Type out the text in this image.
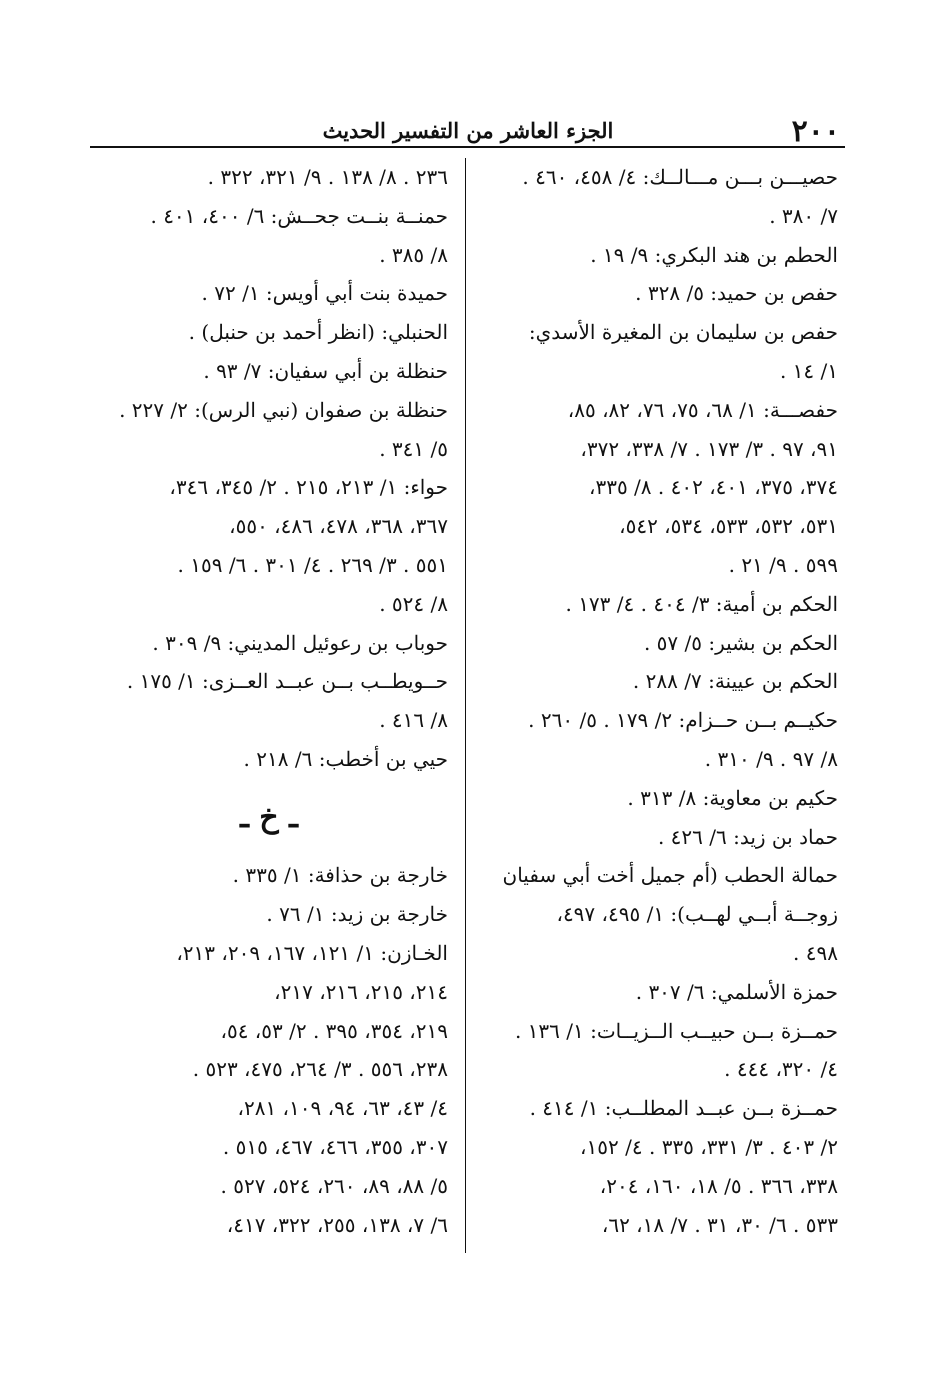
٢٠٠
الجزء العاشر من التفسير الحديث
حصيـــن بـــن مـــالــك: ٤/ ٤٥٨، ٤٦٠ .
٧/ ٣٨٠ .
الحطم بن هند البكري: ٩/ ١٩ .
حفص بن حميد: ٥/ ٣٢٨ .
حفص بن سليمان بن المغيرة الأسدي:
١/ ١٤ .
حفصـــة: ١/ ٦٨، ٧٥، ٧٦، ٨٢، ٨٥،
٩١، ٩٧ . ٣/ ١٧٣ . ٧/ ٣٣٨، ٣٧٢،
٣٧٤، ٣٧٥، ٤٠١، ٤٠٢ . ٨/ ٣٣٥،
٥٣١، ٥٣٢، ٥٣٣، ٥٣٤، ٥٤٢،
٥٩٩ . ٩/ ٢١ .
الحكم بن أمية: ٣/ ٤٠٤ . ٤/ ١٧٣ .
الحكم بن بشير: ٥/ ٥٧ .
الحكم بن عيينة: ٧/ ٢٨٨ .
حكيــم بــن حــزام: ٢/ ١٧٩ . ٥/ ٢٦٠ .
٨/ ٩٧ . ٩/ ٣١٠ .
حكيم بن معاوية: ٨/ ٣١٣ .
حماد بن زيد: ٦/ ٤٢٦ .
حمالة الحطب (أم جميل أخت أبي سفيان
زوجــة أبــي لهــب): ١/ ٤٩٥، ٤٩٧،
٤٩٨ .
حمزة الأسلمي: ٦/ ٣٠٧ .
حمــزة بــن حبيــب الــزيــات: ١/ ١٣٦ .
٤/ ٣٢٠، ٤٤٤ .
حمــزة بــن عبــد المطلــب: ١/ ٤١٤ .
٢/ ٤٠٣ . ٣/ ٣٣١، ٣٣٥ . ٤/ ١٥٢،
٣٣٨، ٣٦٦ . ٥/ ١٨، ١٦٠، ٢٠٤،
٥٣٣ . ٦/ ٣٠، ٣١ . ٧/ ١٨، ٦٢،
٢٣٦ . ٨/ ١٣٨ . ٩/ ٣٢١، ٣٢٢ .
حمنــة بنــت جحــش: ٦/ ٤٠٠، ٤٠١ .
٨/ ٣٨٥ .
حميدة بنت أبي أويس: ١/ ٧٢ .
الحنبلي: (انظر أحمد بن حنبل) .
حنظلة بن أبي سفيان: ٧/ ٩٣ .
حنظلة بن صفوان (نبي الرس): ٢/ ٢٢٧ .
٥/ ٣٤١ .
حواء: ١/ ٢١٣، ٢١٥ . ٢/ ٣٤٥، ٣٤٦،
٣٦٧، ٣٦٨، ٤٧٨، ٤٨٦، ٥٥٠،
٥٥١ . ٣/ ٢٦٩ . ٤/ ٣٠١ . ٦/ ١٥٩ .
٨/ ٥٢٤ .
حوباب بن رعوئيل المديني: ٩/ ٣٠٩ .
حــويطــب بــن عبــد العــزى: ١/ ١٧٥ .
٨/ ٤١٦ .
حيي بن أخطب: ٦/ ٢١٨ .
ـ خ ـ
خارجة بن حذافة: ١/ ٣٣٥ .
خارجة بن زيد: ١/ ٧٦ .
الخـازن: ١/ ١٢١، ١٦٧، ٢٠٩، ٢١٣،
٢١٤، ٢١٥، ٢١٦، ٢١٧،
٢١٩، ٣٥٤، ٣٩٥ . ٢/ ٥٣، ٥٤،
٢٣٨، ٥٥٦ . ٣/ ٢٦٤، ٤٧٥، ٥٢٣ .
٤/ ٤٣، ٦٣، ٩٤، ١٠٩، ٢٨١،
٣٠٧، ٣٥٥، ٤٦٦، ٤٦٧، ٥١٥ .
٥/ ٨٨، ٨٩، ٢٦٠، ٥٢٤، ٥٢٧ .
٦/ ٧، ١٣٨، ٢٥٥، ٣٢٢، ٤١٧،
